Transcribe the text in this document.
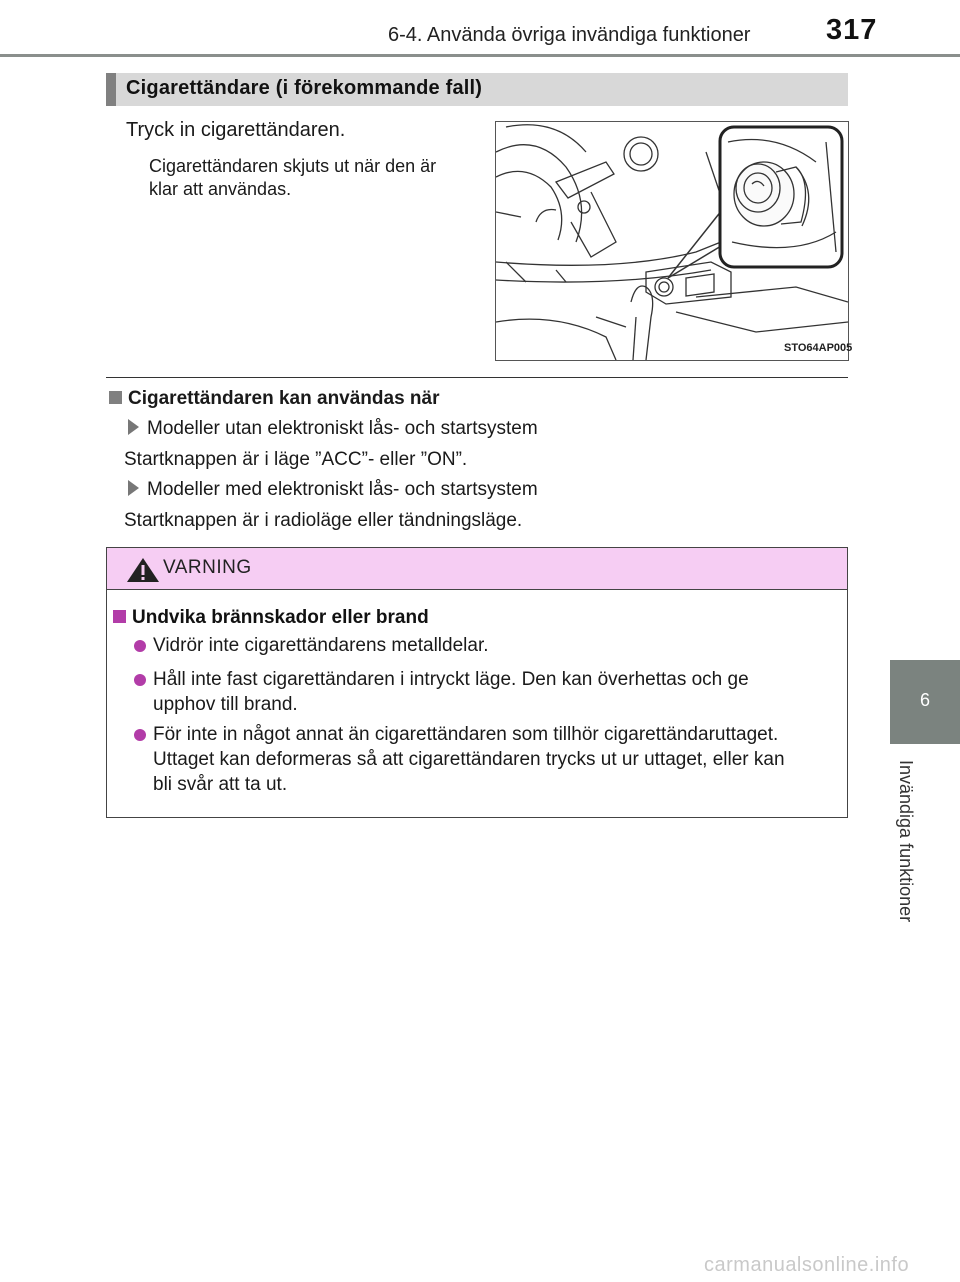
6-4. Använda övriga invändiga funktioner	317
6
Invändiga funktioner
Cigarettändare (i förekommande fall)
Tryck in cigarettändaren.
Cigarettändaren skjuts ut när den är
klar att användas.
STO64AP005
Cigarettändaren kan användas när
Modeller utan elektroniskt lås- och startsystem
Startknappen är i läge ”ACC”- eller ”ON”.
Modeller med elektroniskt lås- och startsystem
Startknappen är i radioläge eller tändningsläge.
VARNING
Undvika brännskador eller brand
Vidrör inte cigarettändarens metalldelar.
Håll inte fast cigarettändaren i intryckt läge. Den kan överhettas och ge
upphov till brand.
För inte in något annat än cigarettändaren som tillhör cigarettändaruttaget.
Uttaget kan deformeras så att cigarettändaren trycks ut ur uttaget, eller kan
bli svår att ta ut.
carmanualsonline.info
